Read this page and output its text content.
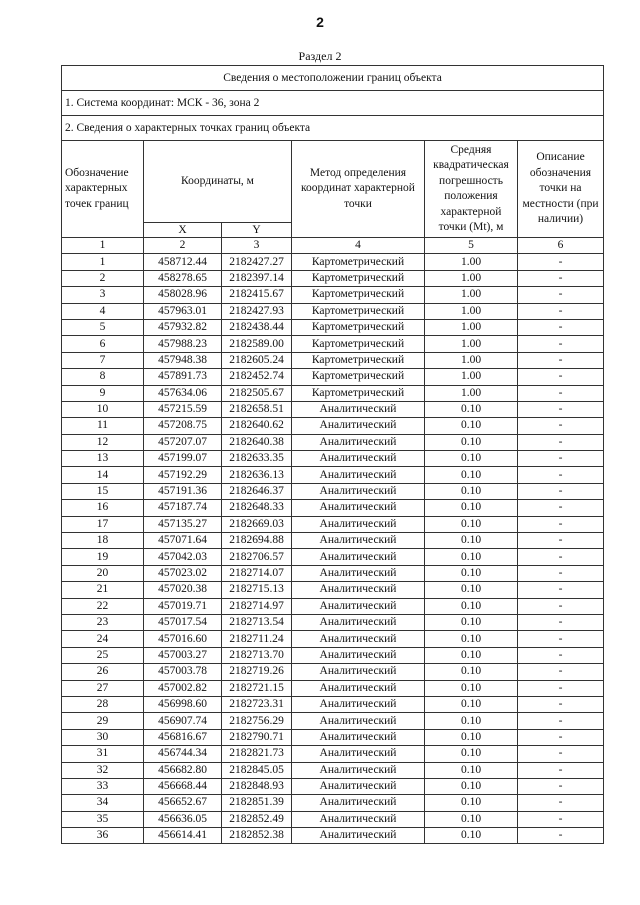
2
Раздел 2
Сведения о местоположении границ объекта					
1. Система координат: МСК - 36, зона 2					
2. Сведения о характерных точках границ объекта					
Обозначение характерных точек границ	Координаты, м		Метод определения координат характерной точки	Средняя квадратическая погрешность положения характерной точки (Mt), м	Описание обозначения точки на местности (при наличии)
	X	Y			
1	2	3	4	5	6
1	458712.44	2182427.27	Картометрический	1.00	-
2	458278.65	2182397.14	Картометрический	1.00	-
3	458028.96	2182415.67	Картометрический	1.00	-
4	457963.01	2182427.93	Картометрический	1.00	-
5	457932.82	2182438.44	Картометрический	1.00	-
6	457988.23	2182589.00	Картометрический	1.00	-
7	457948.38	2182605.24	Картометрический	1.00	-
8	457891.73	2182452.74	Картометрический	1.00	-
9	457634.06	2182505.67	Картометрический	1.00	-
10	457215.59	2182658.51	Аналитический	0.10	-
11	457208.75	2182640.62	Аналитический	0.10	-
12	457207.07	2182640.38	Аналитический	0.10	-
13	457199.07	2182633.35	Аналитический	0.10	-
14	457192.29	2182636.13	Аналитический	0.10	-
15	457191.36	2182646.37	Аналитический	0.10	-
16	457187.74	2182648.33	Аналитический	0.10	-
17	457135.27	2182669.03	Аналитический	0.10	-
18	457071.64	2182694.88	Аналитический	0.10	-
19	457042.03	2182706.57	Аналитический	0.10	-
20	457023.02	2182714.07	Аналитический	0.10	-
21	457020.38	2182715.13	Аналитический	0.10	-
22	457019.71	2182714.97	Аналитический	0.10	-
23	457017.54	2182713.54	Аналитический	0.10	-
24	457016.60	2182711.24	Аналитический	0.10	-
25	457003.27	2182713.70	Аналитический	0.10	-
26	457003.78	2182719.26	Аналитический	0.10	-
27	457002.82	2182721.15	Аналитический	0.10	-
28	456998.60	2182723.31	Аналитический	0.10	-
29	456907.74	2182756.29	Аналитический	0.10	-
30	456816.67	2182790.71	Аналитический	0.10	-
31	456744.34	2182821.73	Аналитический	0.10	-
32	456682.80	2182845.05	Аналитический	0.10	-
33	456668.44	2182848.93	Аналитический	0.10	-
34	456652.67	2182851.39	Аналитический	0.10	-
35	456636.05	2182852.49	Аналитический	0.10	-
36	456614.41	2182852.38	Аналитический	0.10	-
